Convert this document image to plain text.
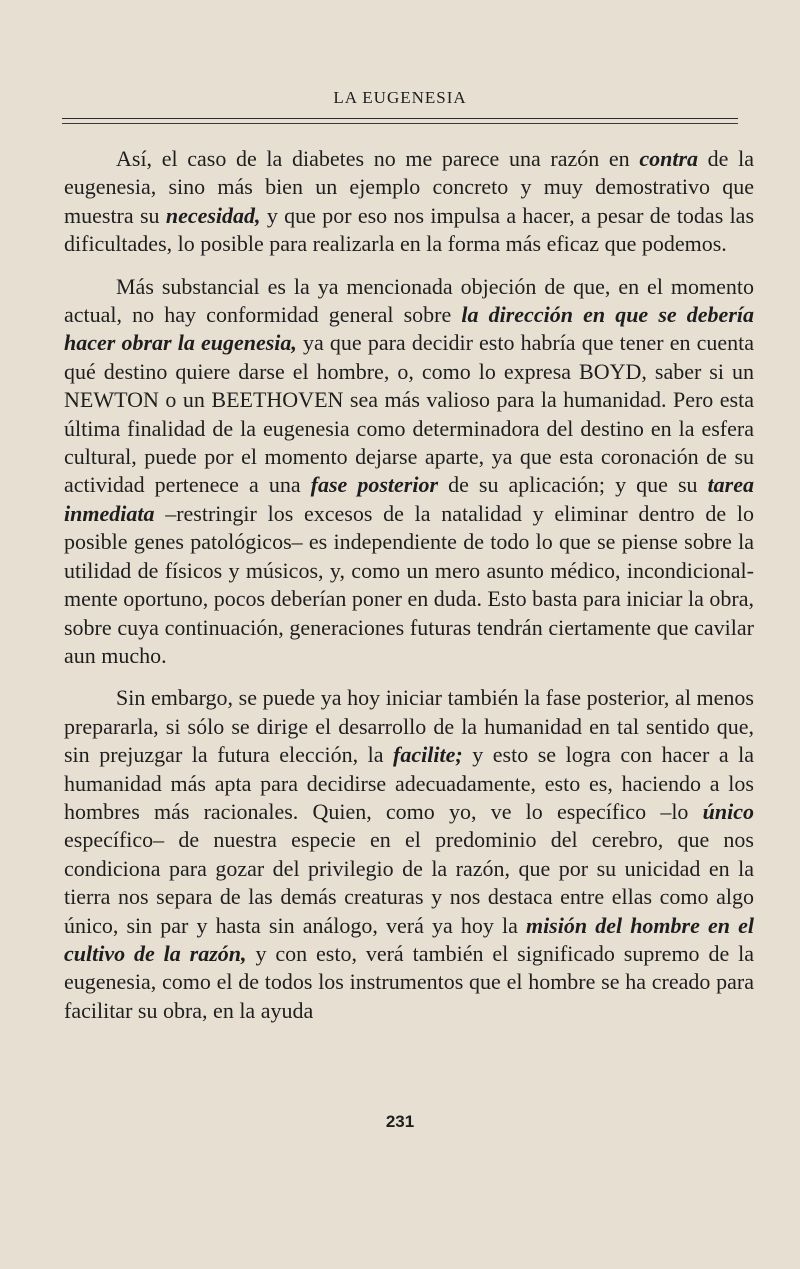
LA EUGENESIA

Así, el caso de la diabetes no me parece una razón en contra de la eugenesia, sino más bien un ejemplo concreto y muy demostrativo que muestra su necesidad, y que por eso nos impulsa a hacer, a pesar de todas las dificultades, lo posible para realizarla en la forma más eficaz que podemos.

Más substancial es la ya mencionada objeción de que, en el momento actual, no hay conformidad general sobre la dirección en que se debería hacer obrar la eugenesia, ya que para decidir esto habría que tener en cuenta qué destino quiere darse el hombre, o, como lo expresa BOYD, saber si un NEWTON o un BEETHOVEN sea más valioso para la humanidad. Pero esta última finalidad de la eugenesia como determinadora del destino en la esfera cultural, puede por el momento dejarse aparte, ya que esta coronación de su actividad pertenece a una fase posterior de su aplicación; y que su tarea inmediata –restringir los excesos de la natalidad y eliminar dentro de lo posible genes patológicos– es independiente de todo lo que se piense sobre la utilidad de físicos y músicos, y, como un mero asunto médico, incondicionalmente oportuno, pocos deberían poner en duda. Esto basta para iniciar la obra, sobre cuya continuación, generaciones futuras tendrán ciertamente que cavilar aun mucho.

Sin embargo, se puede ya hoy iniciar también la fase posterior, al menos prepararla, si sólo se dirige el desarrollo de la humanidad en tal sentido que, sin prejuzgar la futura elección, la facilite; y esto se logra con hacer a la humanidad más apta para decidirse adecuadamente, esto es, haciendo a los hombres más racionales. Quien, como yo, ve lo específico –lo único específico– de nuestra especie en el predominio del cerebro, que nos condiciona para gozar del privilegio de la razón, que por su unicidad en la tierra nos separa de las demás creaturas y nos destaca entre ellas como algo único, sin par y hasta sin análogo, verá ya hoy la misión del hombre en el cultivo de la razón, y con esto, verá también el significado supremo de la eugenesia, como el de todos los instrumentos que el hombre se ha creado para facilitar su obra, en la ayuda

231
